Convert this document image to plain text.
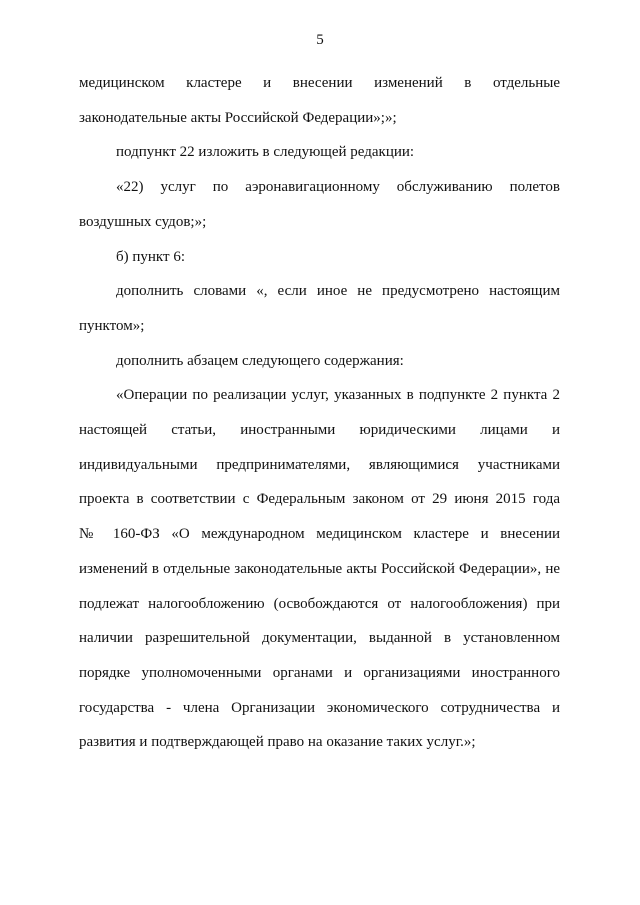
5
медицинском кластере и внесении изменений в отдельные
законодательные акты Российской Федерации»;»;
подпункт 22 изложить в следующей редакции:
«22) услуг по аэронавигационному обслуживанию полетов
воздушных судов;»;
б) пункт 6:
дополнить словами «, если иное не предусмотрено настоящим
пунктом»;
дополнить абзацем следующего содержания:
«Операции по реализации услуг, указанных в подпункте 2 пункта 2
настоящей статьи, иностранными юридическими лицами и
индивидуальными предпринимателями, являющимися участниками
проекта в соответствии с Федеральным законом от 29 июня 2015 года
№ 160-ФЗ «О международном медицинском кластере и внесении
изменений в отдельные законодательные акты Российской Федерации», не
подлежат налогообложению (освобождаются от налогообложения) при
наличии разрешительной документации, выданной в установленном
порядке уполномоченными органами и организациями иностранного
государства - члена Организации экономического сотрудничества и
развития и подтверждающей право на оказание таких услуг.»;
